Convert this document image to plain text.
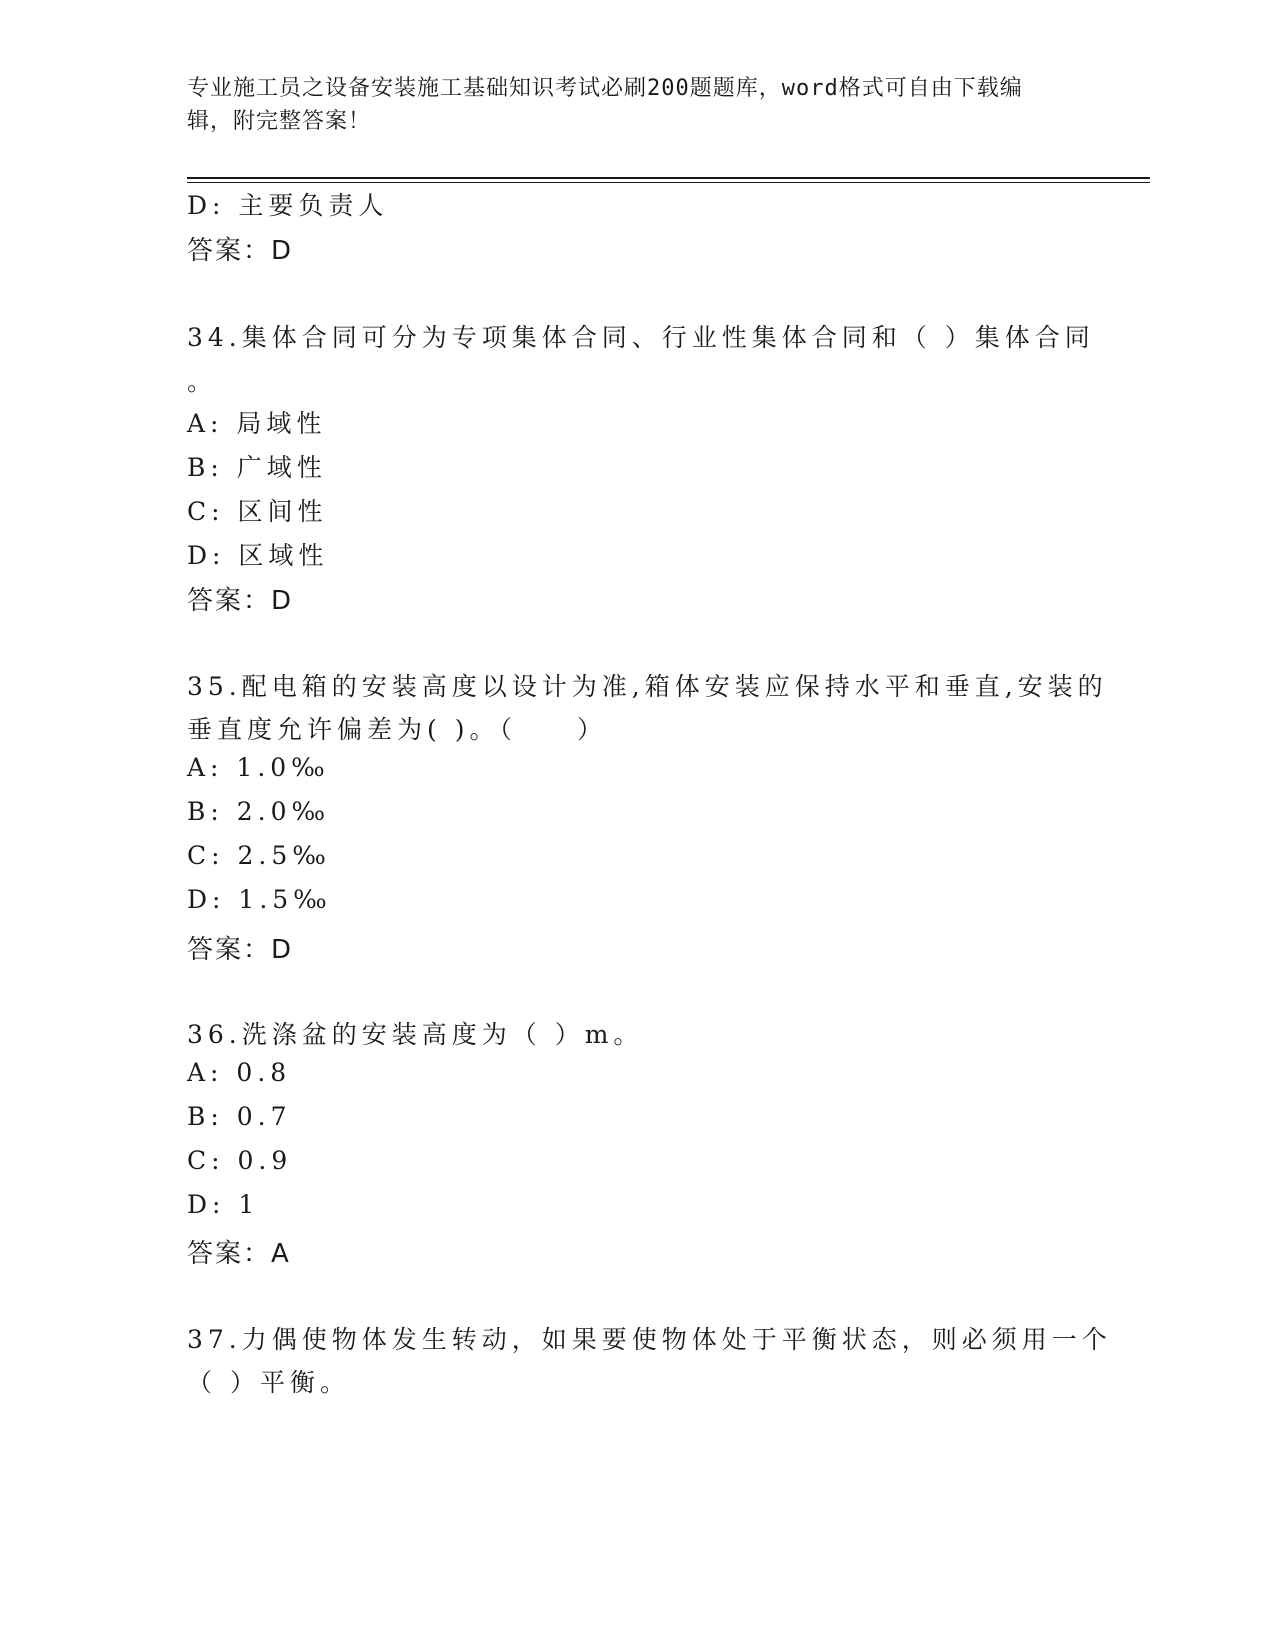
专业施工员之设备安装施工基础知识考试必刷200题题库，word格式可自由下载编辑，附完整答案！
D: 主要负责人
答案：D
34.集体合同可分为专项集体合同、行业性集体合同和（ ）集体合同
。
A: 局域性
B: 广域性
C: 区间性
D: 区域性
答案：D
35.配电箱的安装高度以设计为准,箱体安装应保持水平和垂直,安装的
垂直度允许偏差为( )。（　　）
A: 1.0‰
B: 2.0‰
C: 2.5‰
D: 1.5‰
答案：D
36.洗涤盆的安装高度为（ ）m。
A: 0.8
B: 0.7
C: 0.9
D: 1
答案：A
37.力偶使物体发生转动，如果要使物体处于平衡状态，则必须用一个
（ ）平衡。
